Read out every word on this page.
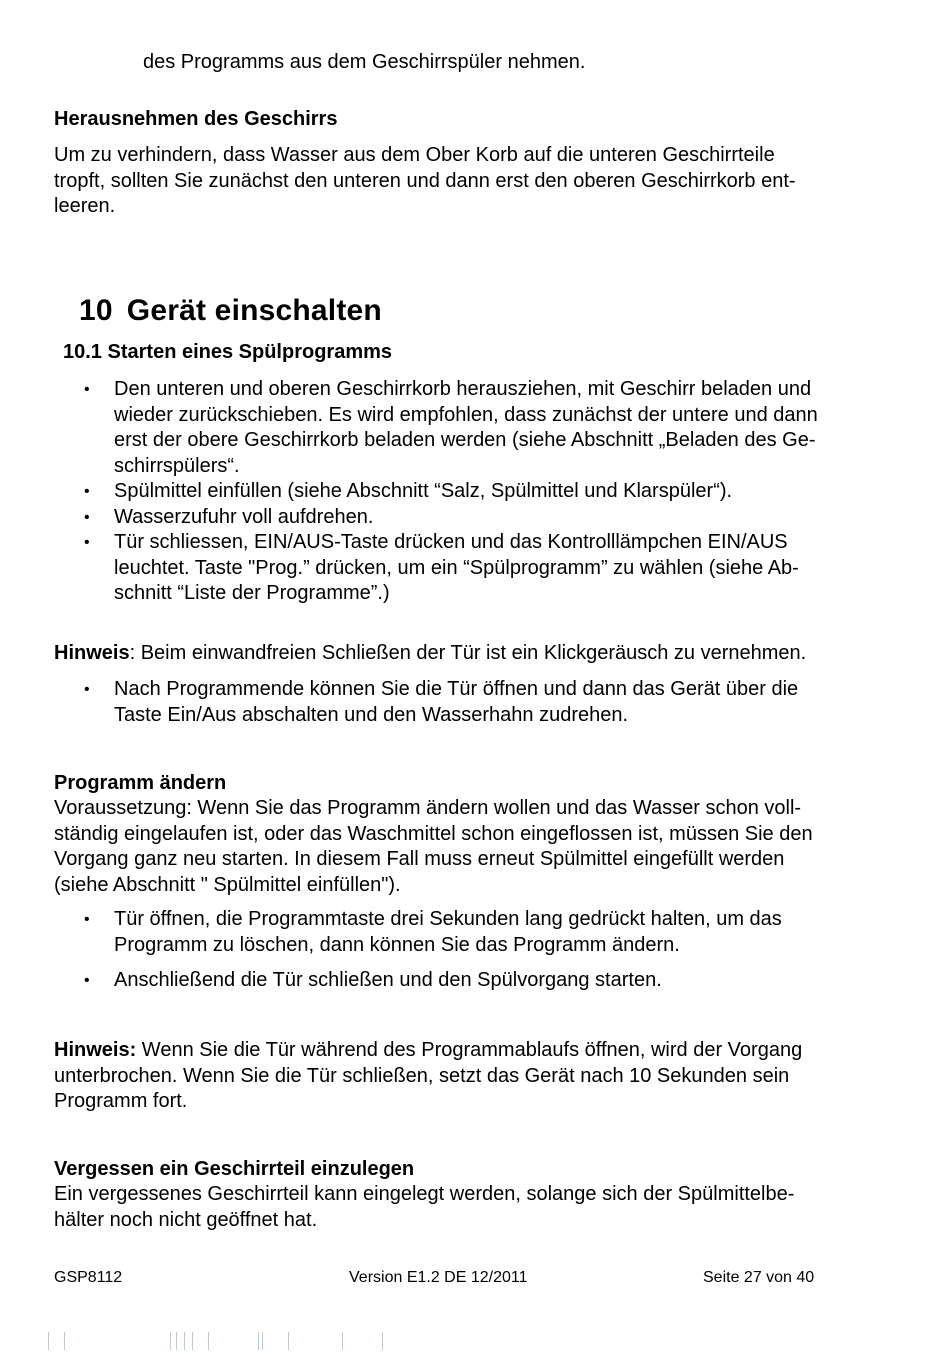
des Programms aus dem Geschirrspüler nehmen.

Herausnehmen des Geschirrs

Um zu verhindern, dass Wasser aus dem Ober Korb auf die unteren Geschirrteile

tropft, sollten Sie zunächst den unteren und dann erst den oberen Geschirrkorb ent-

leeren.

10 Gerät einschalten
10.1 Starten eines Spülprogramms
• Den unteren und oberen Geschirrkorb herausziehen, mit Geschirr beladen und
wieder zurückschieben. Es wird empfohlen, dass zunächst der untere und dann
erst der obere Geschirrkorb beladen werden (siehe Abschnitt „Beladen des Ge-
schirrspülers“.
• Spülmittel einfüllen (siehe Abschnitt “Salz, Spülmittel und Klarspüler“).
• Wasserzufuhr voll aufdrehen.
• Tür schliessen, EIN/AUS-Taste drücken und das Kontrolllämpchen EIN/AUS
leuchtet. Taste "Prog.” drücken, um ein “Spülprogramm” zu wählen (siehe Ab-
schnitt “Liste der Programme”.)

Hinweis: Beim einwandfreien Schließen der Tür ist ein Klickgeräusch zu vernehmen.

• Nach Programmende können Sie die Tür öffnen und dann das Gerät über die
Taste Ein/Aus abschalten und den Wasserhahn zudrehen.

Programm ändern

Voraussetzung: Wenn Sie das Programm ändern wollen und das Wasser schon voll-

ständig eingelaufen ist, oder das Waschmittel schon eingeflossen ist, müssen Sie den

Vorgang ganz neu starten. In diesem Fall muss erneut Spülmittel eingefüllt werden

(siehe Abschnitt " Spülmittel einfüllen").

• Tür öffnen, die Programmtaste drei Sekunden lang gedrückt halten, um das
Programm zu löschen, dann können Sie das Programm ändern.
• Anschließend die Tür schließen und den Spülvorgang starten.

Hinweis: Wenn Sie die Tür während des Programmablaufs öffnen, wird der Vorgang

unterbrochen. Wenn Sie die Tür schließen, setzt das Gerät nach 10 Sekunden sein

Programm fort.

Vergessen ein Geschirrteil einzulegen

Ein vergessenes Geschirrteil kann eingelegt werden, solange sich der Spülmittelbe-

hälter noch nicht geöffnet hat.

GSP8112	Version E1.2 DE 12/2011	Seite 27 von 40
